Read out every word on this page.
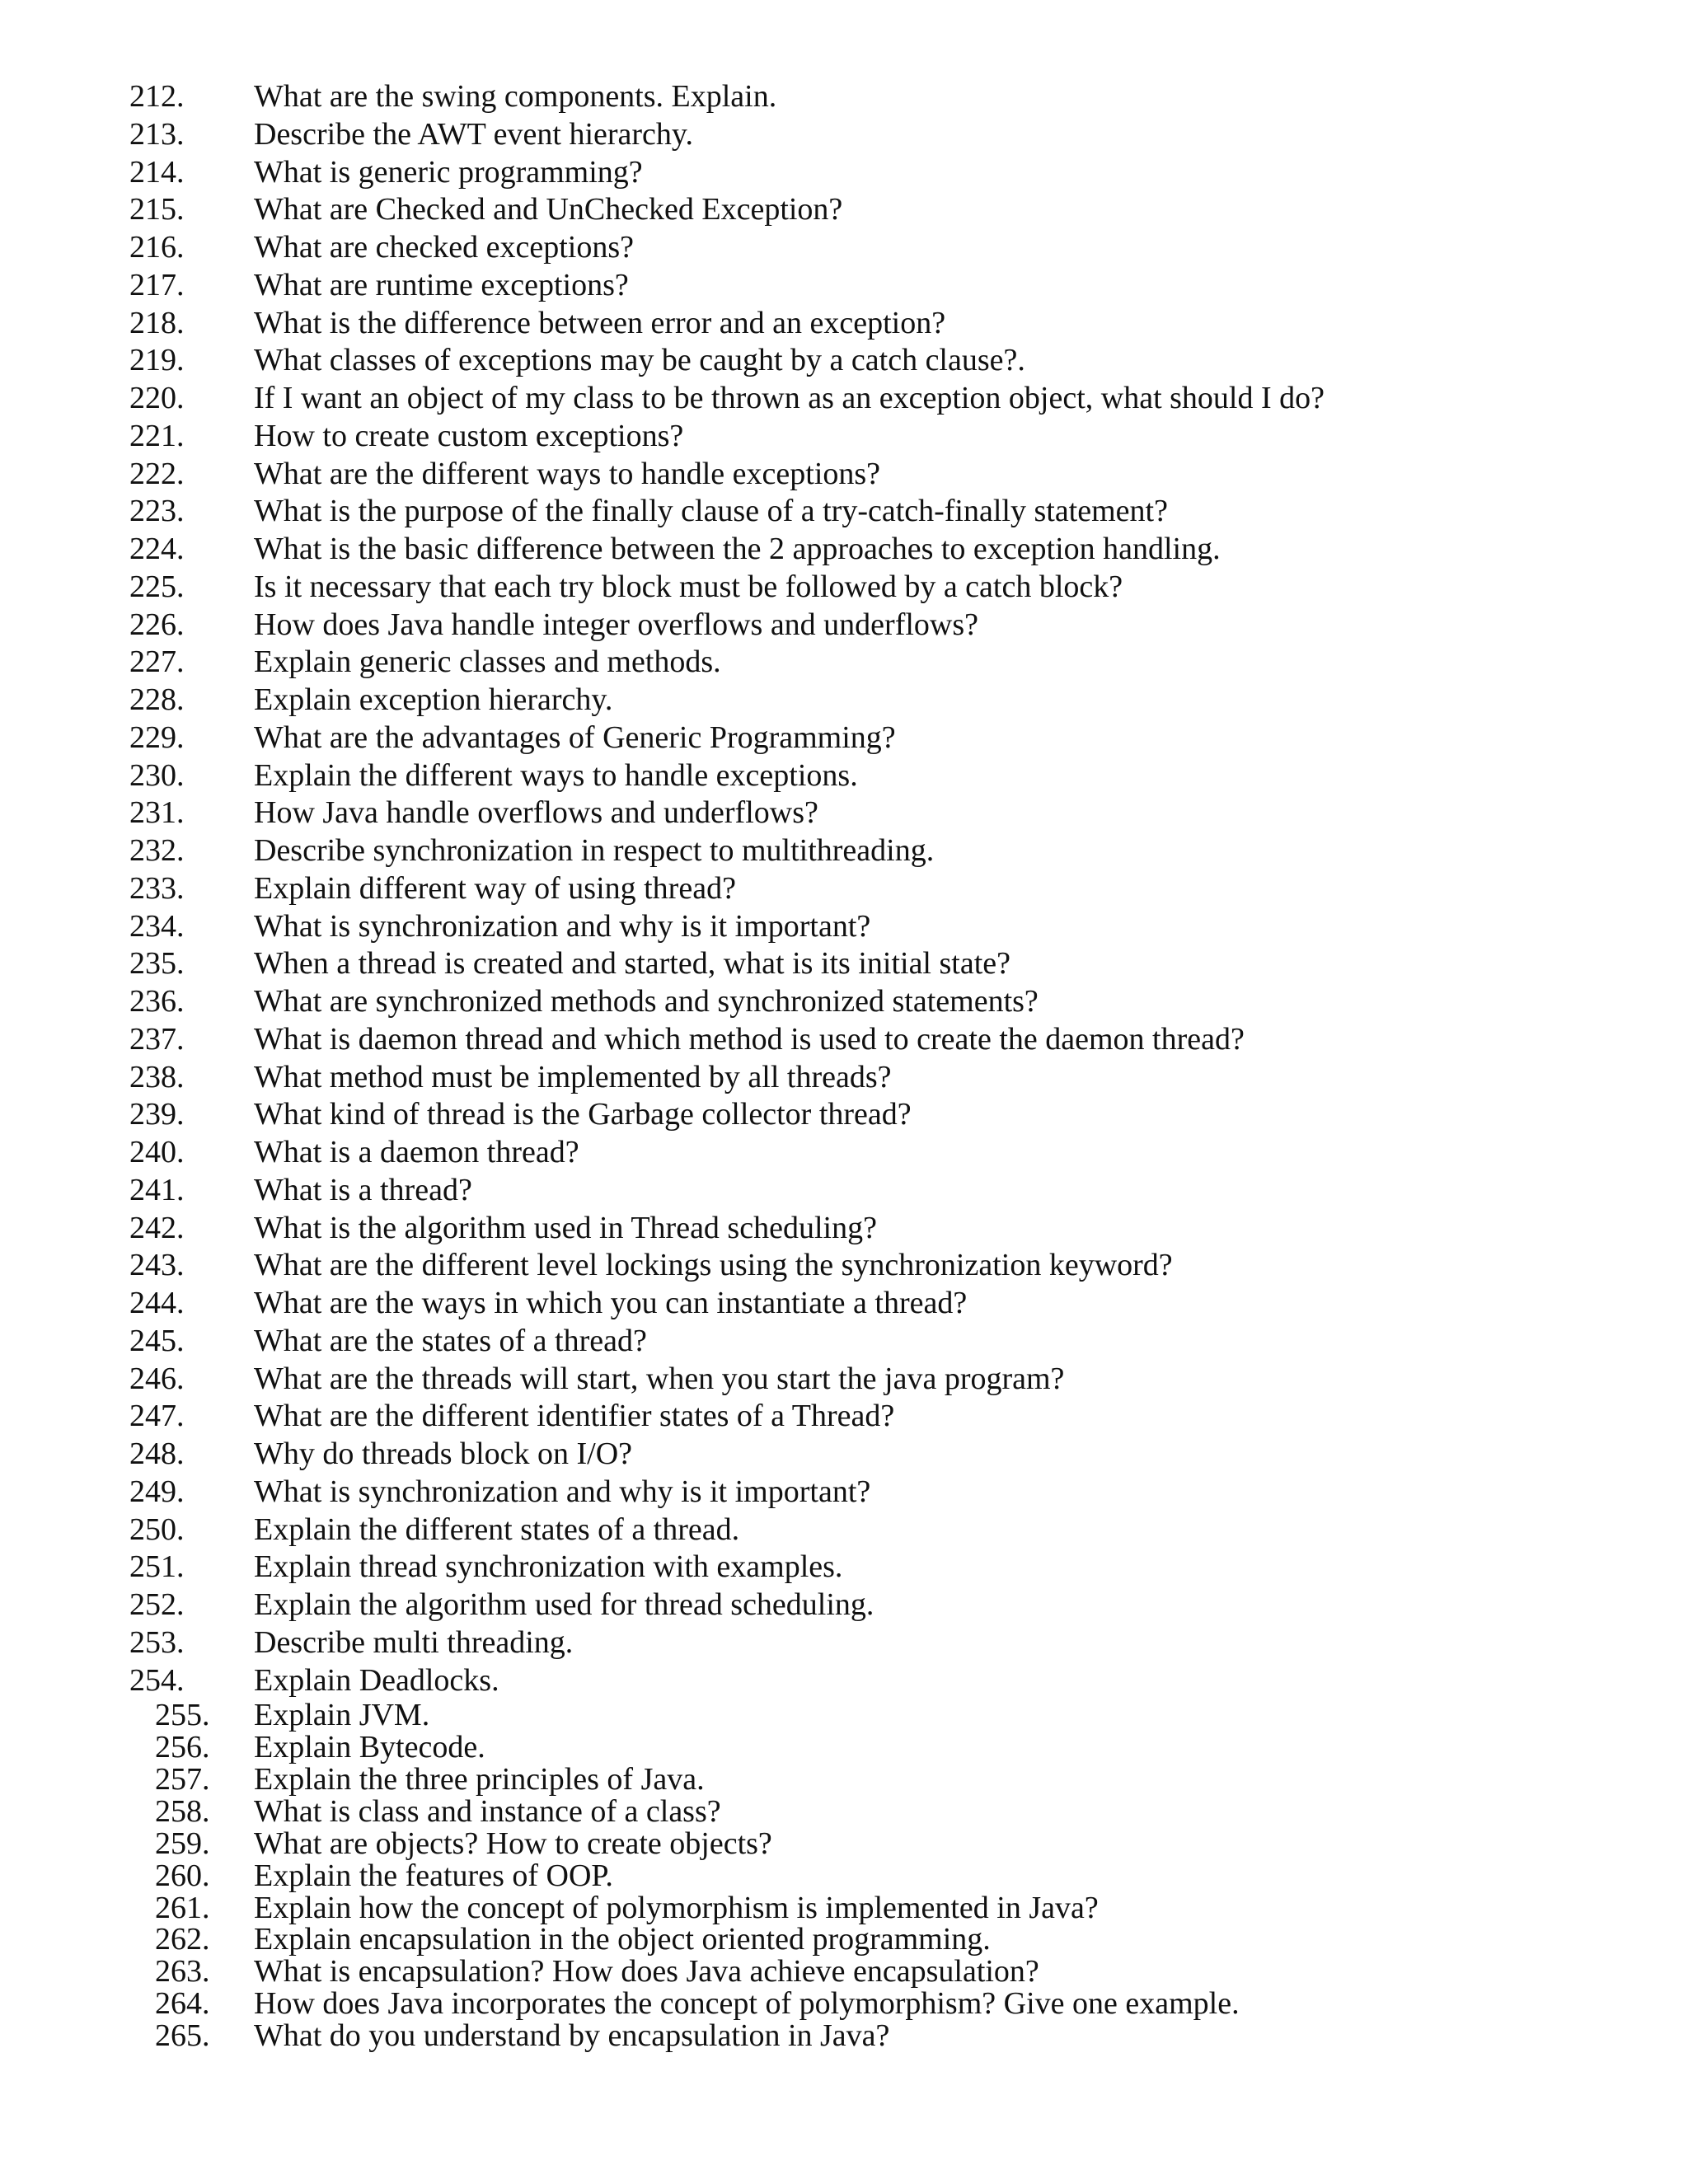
212. What are the swing components. Explain.
213. Describe the AWT event hierarchy.
214. What is generic programming?
215. What are Checked and UnChecked Exception?
216. What are checked exceptions?
217. What are runtime exceptions?
218. What is the difference between error and an exception?
219. What classes of exceptions may be caught by a catch clause?.
220. If I want an object of my class to be thrown as an exception object, what should I do?
221. How to create custom exceptions?
222. What are the different ways to handle exceptions?
223. What is the purpose of the finally clause of a try-catch-finally statement?
224. What is the basic difference between the 2 approaches to exception handling.
225. Is it necessary that each try block must be followed by a catch block?
226. How does Java handle integer overflows and underflows?
227. Explain generic classes and methods.
228. Explain exception hierarchy.
229. What are the advantages of Generic Programming?
230. Explain the different ways to handle exceptions.
231. How Java handle overflows and underflows?
232. Describe synchronization in respect to multithreading.
233. Explain different way of using thread?
234. What is synchronization and why is it important?
235. When a thread is created and started, what is its initial state?
236. What are synchronized methods and synchronized statements?
237. What is daemon thread and which method is used to create the daemon thread?
238. What method must be implemented by all threads?
239. What kind of thread is the Garbage collector thread?
240. What is a daemon thread?
241. What is a thread?
242. What is the algorithm used in Thread scheduling?
243. What are the different level lockings using the synchronization keyword?
244. What are the ways in which you can instantiate a thread?
245. What are the states of a thread?
246. What are the threads will start, when you start the java program?
247. What are the different identifier states of a Thread?
248. Why do threads block on I/O?
249. What is synchronization and why is it important?
250. Explain the different states of a thread.
251. Explain thread synchronization with examples.
252. Explain the algorithm used for thread scheduling.
253. Describe multi threading.
254. Explain Deadlocks.
255. Explain JVM.
256. Explain Bytecode.
257. Explain the three principles of Java.
258. What is class and instance of a class?
259. What are objects? How to create objects?
260. Explain the features of OOP.
261. Explain how the concept of polymorphism is implemented in Java?
262. Explain encapsulation in the object oriented programming.
263. What is encapsulation? How does Java achieve encapsulation?
264. How does Java incorporates the concept of polymorphism? Give one example.
265. What do you understand by encapsulation in Java?
